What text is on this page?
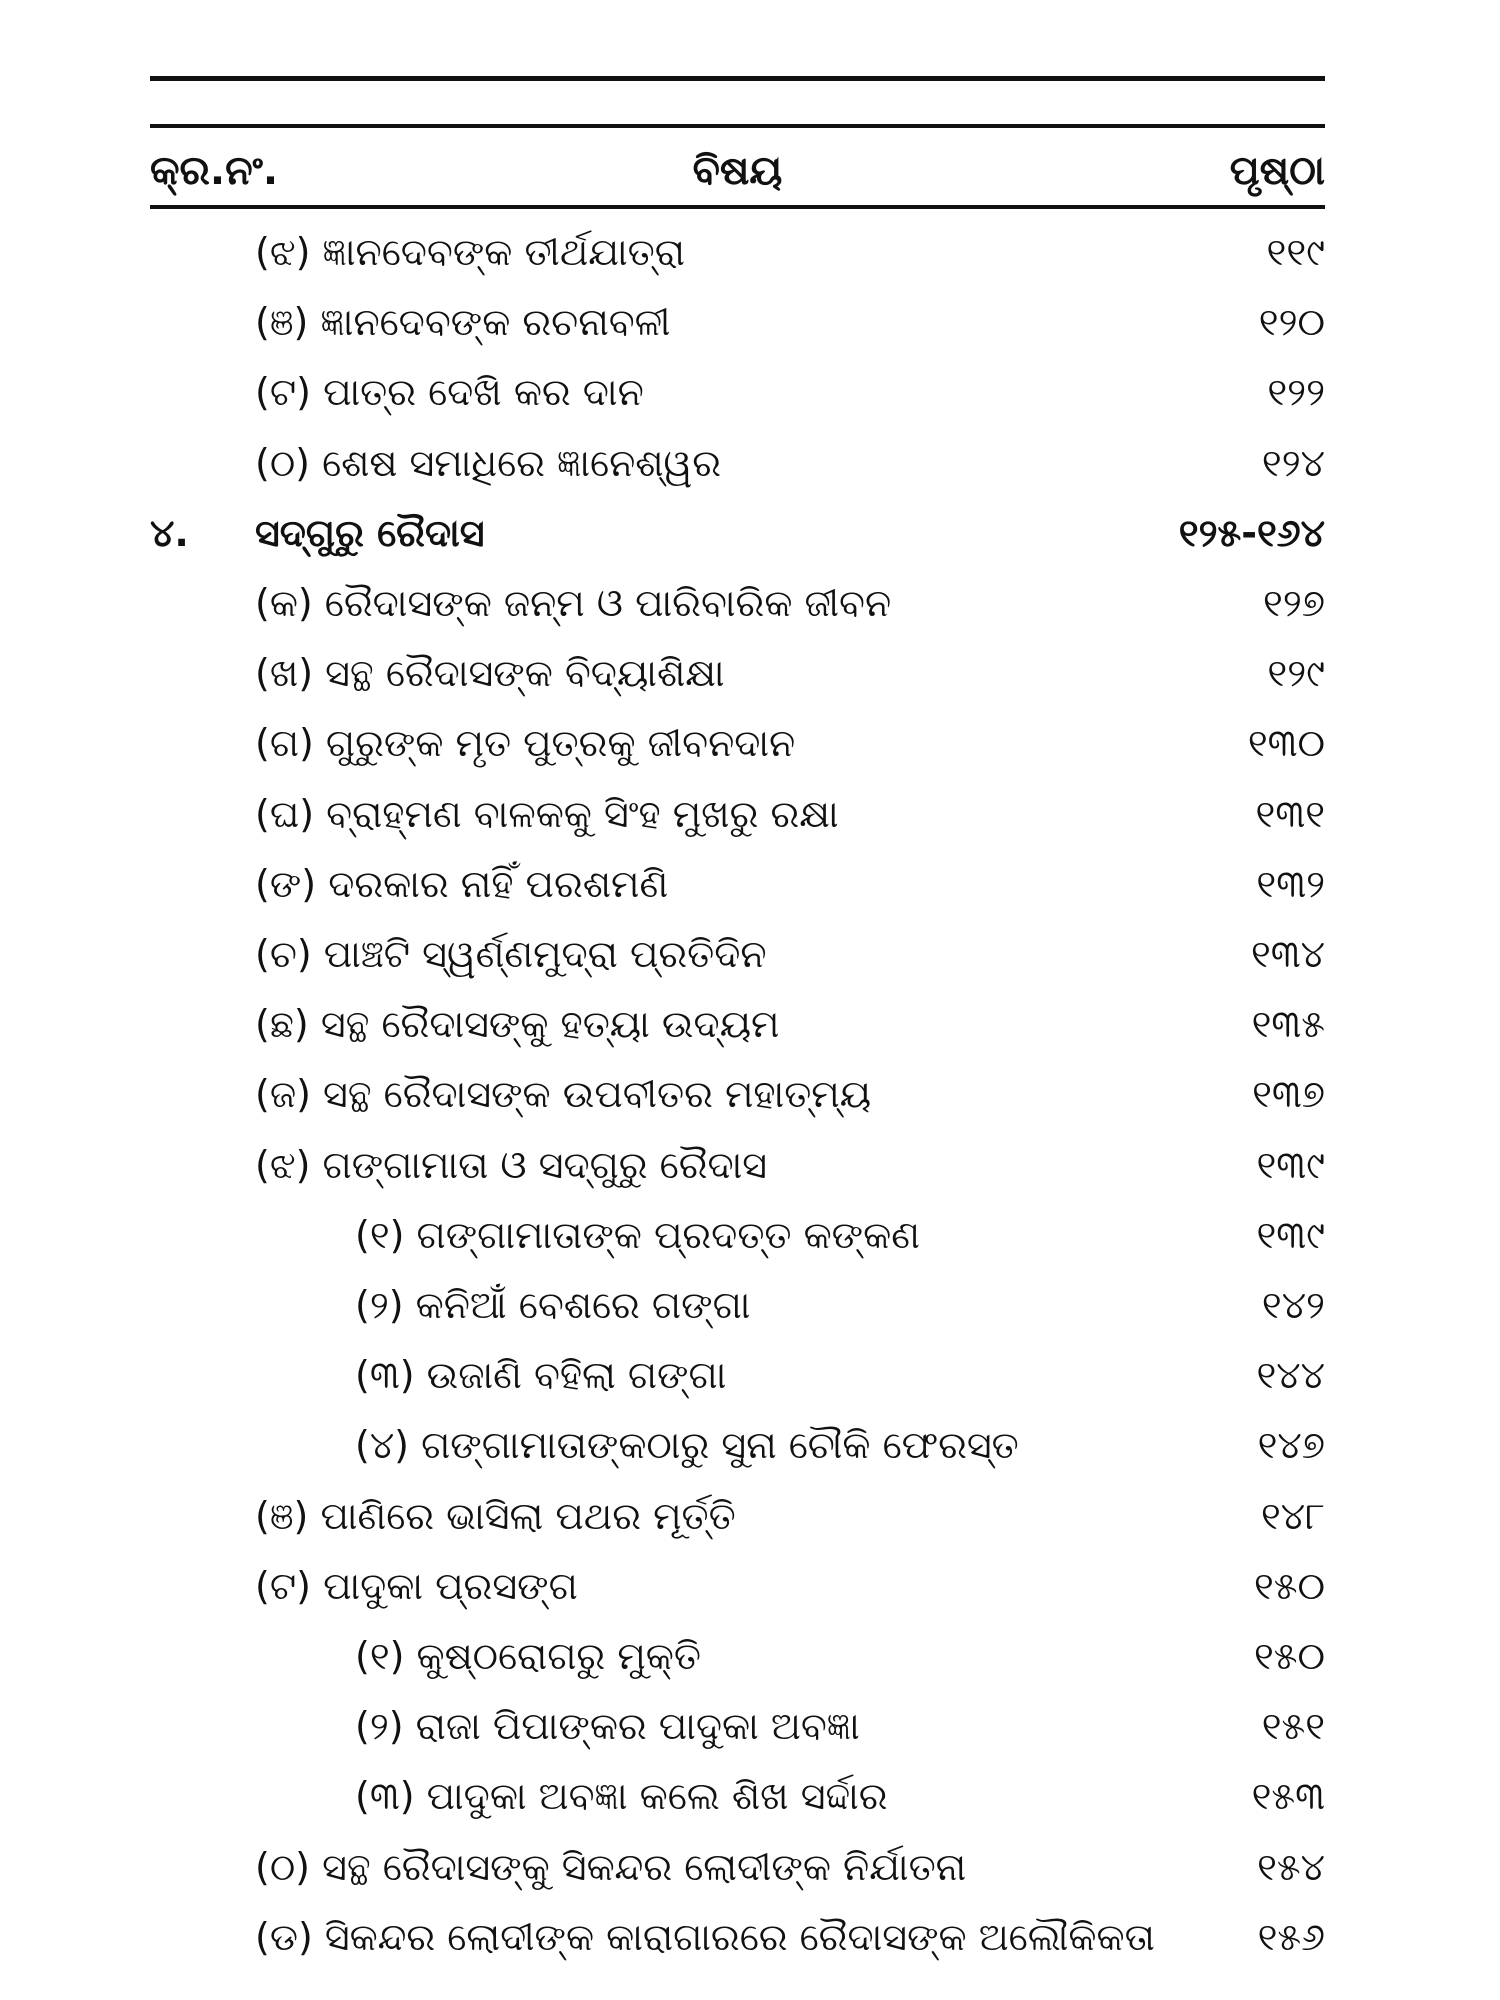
କ୍ର.ନଂ.	ବିଷୟ	ପୃଷ୍ଠା
(ଝ) ଜ୍ଞାନଦେବଙ୍କ ତୀର୍ଥଯାତ୍ରା	୧୧୯
(ଞ) ଜ୍ଞାନଦେବଙ୍କ ରଚନାବଳୀ	୧୨୦
(ଟ) ପାତ୍ର ଦେଖି କର ଦାନ	୧୨୨
(ଠ) ଶେଷ ସମାଧିରେ ଜ୍ଞାନେଶ୍ୱର	୧୨୪
୪. ସଦ୍‌ଗୁରୁ ରୈଦାସ	୧୨୫-୧୬୪
(କ) ରୈଦାସଙ୍କ ଜନ୍ମ ଓ ପାରିବାରିକ ଜୀବନ	୧୨୭
(ଖ) ସନ୍ଥ ରୈଦାସଙ୍କ ବିଦ୍ୟାଶିକ୍ଷା	୧୨୯
(ଗ) ଗୁରୁଙ୍କ ମୃତ ପୁତ୍ରକୁ ଜୀବନଦାନ	୧୩୦
(ଘ) ବ୍ରାହ୍ମଣ ବାଳକକୁ ସିଂହ ମୁଖରୁ ରକ୍ଷା	୧୩୧
(ଙ) ଦରକାର ନାହିଁ ପରଶମଣି	୧୩୨
(ଚ) ପାଞ୍ଚଟି ସ୍ୱର୍ଣ୍ଣମୁଦ୍ରା ପ୍ରତିଦିନ	୧୩୪
(ଛ) ସନ୍ଥ ରୈଦାସଙ୍କୁ ହତ୍ୟା ଉଦ୍ୟମ	୧୩୫
(ଜ) ସନ୍ଥ ରୈଦାସଙ୍କ ଉପବୀତର ମହାତ୍ମ୍ୟ	୧୩୭
(ଝ) ଗଙ୍ଗାମାତା ଓ ସଦ୍‌ଗୁରୁ ରୈଦାସ	୧୩୯
(୧) ଗଙ୍ଗାମାତାଙ୍କ ପ୍ରଦତ୍ତ କଙ୍କଣ	୧୩୯
(୨) କନିଆଁ ବେଶରେ ଗଙ୍ଗା	୧୪୨
(୩) ଉଜାଣି ବହିଲା ଗଙ୍ଗା	୧୪୪
(୪) ଗଙ୍ଗାମାତାଙ୍କଠାରୁ ସୁନା ଚୌକି ଫେରସ୍ତ	୧୪୭
(ଞ) ପାଣିରେ ଭାସିଲା ପଥର ମୂର୍ତ୍ତି	୧୪୮
(ଟ) ପାଦୁକା ପ୍ରସଙ୍ଗ	୧୫୦
(୧) କୁଷ୍ଠରୋଗରୁ ମୁକ୍ତି	୧୫୦
(୨) ରାଜା ପିପାଙ୍କର ପାଦୁକା ଅବଜ୍ଞା	୧୫୧
(୩) ପାଦୁକା ଅବଜ୍ଞା କଲେ ଶିଖ ସର୍ଦ୍ଦାର	୧୫୩
(ଠ) ସନ୍ଥ ରୈଦାସଙ୍କୁ ସିକନ୍ଦର ଲୋଦୀଙ୍କ ନିର୍ଯାତନା	୧୫୪
(ଡ) ସିକନ୍ଦର ଲୋଦୀଙ୍କ କାରାଗାରରେ ରୈଦାସଙ୍କ ଅଲୌକିକତା	୧୫୬
